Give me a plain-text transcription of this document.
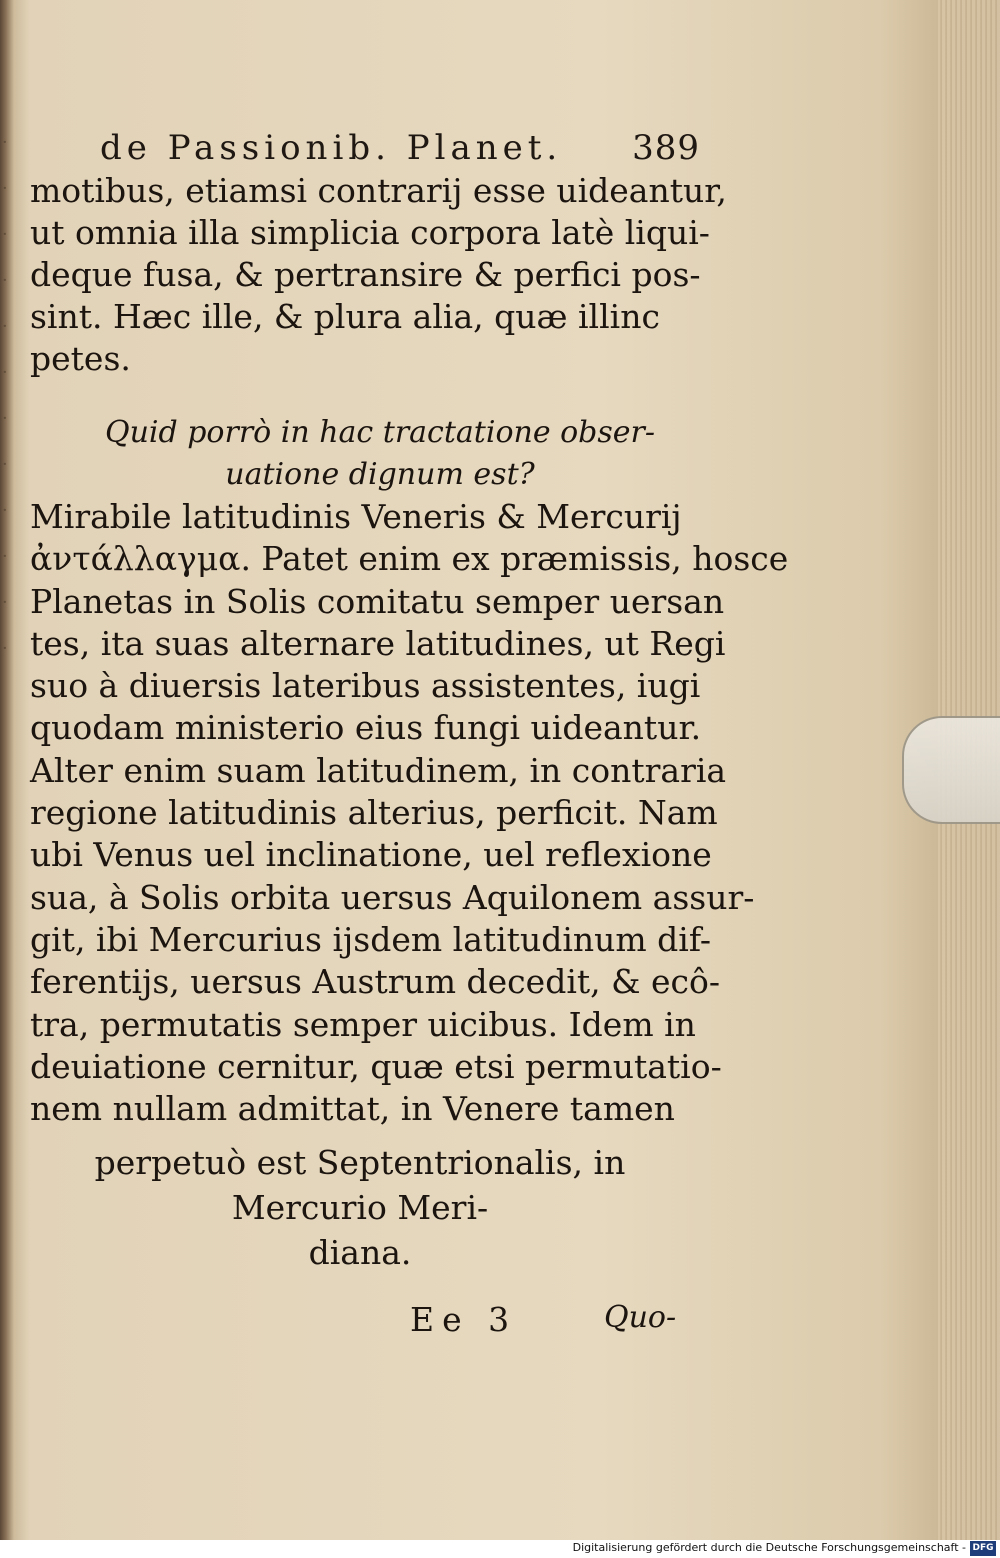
·
·
·
·
·
·
·
·
·
·
·
·
de Passionib. Planet. 389
motibus, etiamsi contrarij esse uideantur,
ut omnia illa simplicia corpora latè liqui-
deque fusa, & pertransire & perfici pos-
sint. Hæc ille, & plura alia, quæ illinc
petes.
Quid porrò in hac tractatione obser-
uatione dignum est?
Mirabile latitudinis Veneris & Mercurij
ἀντάλλαγμα. Patet enim ex præmissis, hosce
Planetas in Solis comitatu semper uersan
tes, ita suas alternare latitudines, ut Regi
suo à diuersis lateribus assistentes, iugi
quodam ministerio eius fungi uideantur.
Alter enim suam latitudinem, in contraria
regione latitudinis alterius, perficit. Nam
ubi Venus uel inclinatione, uel reflexione
sua, à Solis orbita uersus Aquilonem assur-
git, ibi Mercurius ijsdem latitudinum dif-
ferentijs, uersus Austrum decedit, & ecô-
tra, permutatis semper uicibus. Idem in
deuiatione cernitur, quæ etsi permutatio-
nem nullam admittat, in Venere tamen
perpetuò est Septentrionalis, in
Mercurio Meri-
diana.
Ee 3	Quo-
Digitalisierung gefördert durch die Deutsche Forschungsgemeinschaft - DFG
